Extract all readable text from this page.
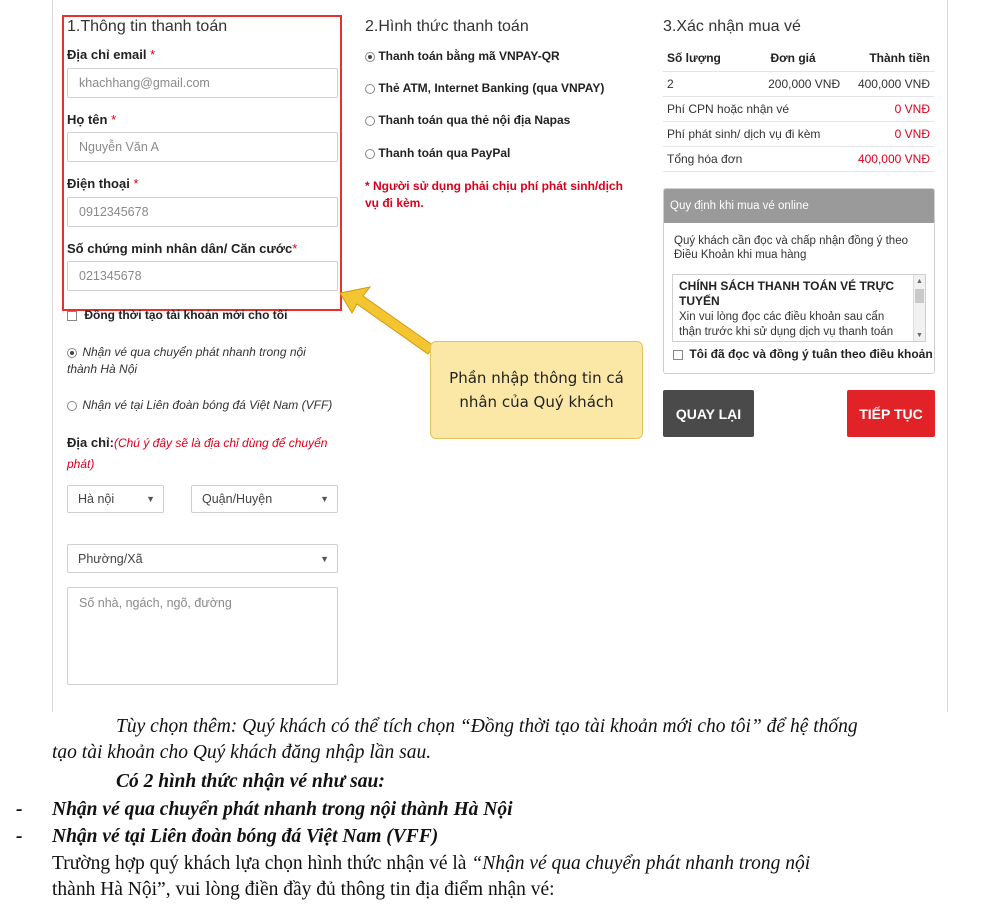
1.Thông tin thanh toán
Địa chỉ email *
khachhang@gmail.com
Họ tên *
Nguyễn Văn A
Điện thoại *
0912345678
Số chứng minh nhân dân/ Căn cước*
021345678
Đồng thời tạo tài khoản mới cho tôi
Nhận vé qua chuyển phát nhanh trong nội thành Hà Nội
Nhận vé tại Liên đoàn bóng đá Việt Nam (VFF)
Địa chỉ:(Chú ý đây sẽ là địa chỉ dùng để chuyển phát)
Hà nội	▼	Quận/Huyện	▼
Phường/Xã	▼
Số nhà, ngách, ngõ, đường
2.Hình thức thanh toán
Thanh toán bằng mã VNPAY-QR
Thẻ ATM, Internet Banking (qua VNPAY)
Thanh toán qua thẻ nội địa Napas
Thanh toán qua PayPal
* Người sử dụng phải chịu phí phát sinh/dịch vụ đi kèm.
3.Xác nhận mua vé
Số lượng	Đơn giá	Thành tiền
2	200,000 VNĐ	400,000 VNĐ
Phí CPN hoặc nhận vé		0 VNĐ
Phí phát sinh/ dịch vụ đi kèm		0 VNĐ
Tổng hóa đơn		400,000 VNĐ
Quy định khi mua vé online
Quý khách cần đọc và chấp nhận đồng ý theo Điều Khoản khi mua hàng
CHÍNH SÁCH THANH TOÁN VÉ TRỰC TUYẾN
Xin vui lòng đọc các điều khoản sau cẩn thận trước khi sử dụng dịch vụ thanh toán
▲
▼
Tôi đã đọc và đồng ý tuân theo điều khoản
QUAY LẠI	TIẾP TỤC
Phần nhập thông tin cá nhân của Quý khách
Tùy chọn thêm: Quý khách có thể tích chọn “Đồng thời tạo tài khoản mới cho tôi” để hệ thống
tạo tài khoản cho Quý khách đăng nhập lần sau.
Có 2 hình thức nhận vé như sau:
- Nhận vé qua chuyển phát nhanh trong nội thành Hà Nội
- Nhận vé tại Liên đoàn bóng đá Việt Nam (VFF)
Trường hợp quý khách lựa chọn hình thức nhận vé là “Nhận vé qua chuyển phát nhanh trong nội
thành Hà Nội”, vui lòng điền đầy đủ thông tin địa điểm nhận vé:
